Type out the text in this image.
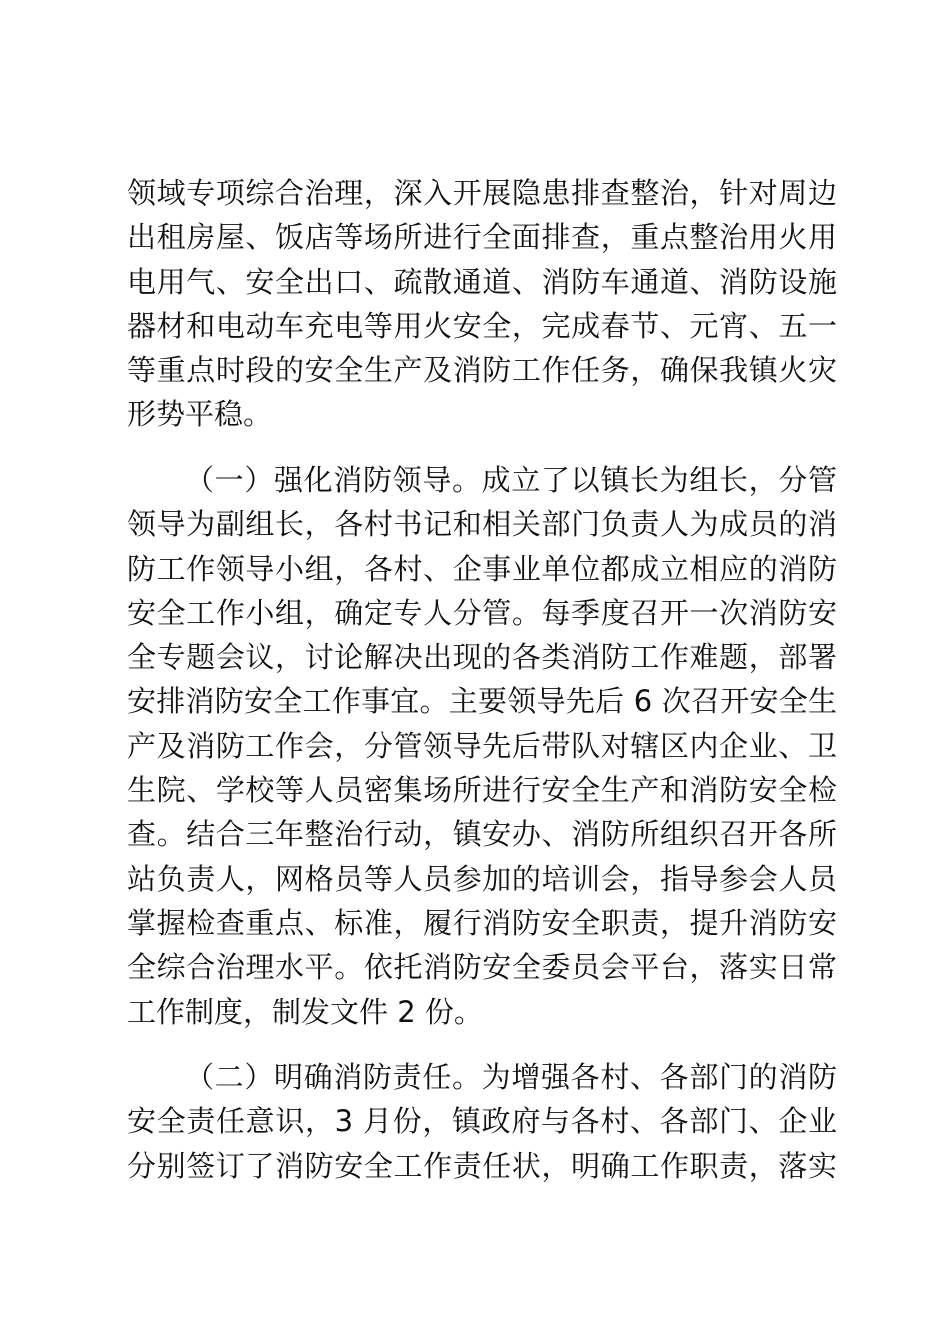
领域专项综合治理，深入开展隐患排查整治，针对周边
出租房屋、饭店等场所进行全面排查，重点整治用火用
电用气、安全出口、疏散通道、消防车通道、消防设施
器材和电动车充电等用火安全，完成春节、元宵、五一
等重点时段的安全生产及消防工作任务，确保我镇火灾
形势平稳。
（一）强化消防领导。成立了以镇长为组长，分管
领导为副组长，各村书记和相关部门负责人为成员的消
防工作领导小组，各村、企事业单位都成立相应的消防
安全工作小组，确定专人分管。每季度召开一次消防安
全专题会议，讨论解决出现的各类消防工作难题，部署
安排消防安全工作事宜。主要领导先后 6 次召开安全生
产及消防工作会，分管领导先后带队对辖区内企业、卫
生院、学校等人员密集场所进行安全生产和消防安全检
查。结合三年整治行动，镇安办、消防所组织召开各所
站负责人，网格员等人员参加的培训会，指导参会人员
掌握检查重点、标准，履行消防安全职责，提升消防安
全综合治理水平。依托消防安全委员会平台，落实日常
工作制度，制发文件 2 份。
（二）明确消防责任。为增强各村、各部门的消防
安全责任意识，3 月份，镇政府与各村、各部门、企业
分别签订了消防安全工作责任状，明确工作职责，落实
